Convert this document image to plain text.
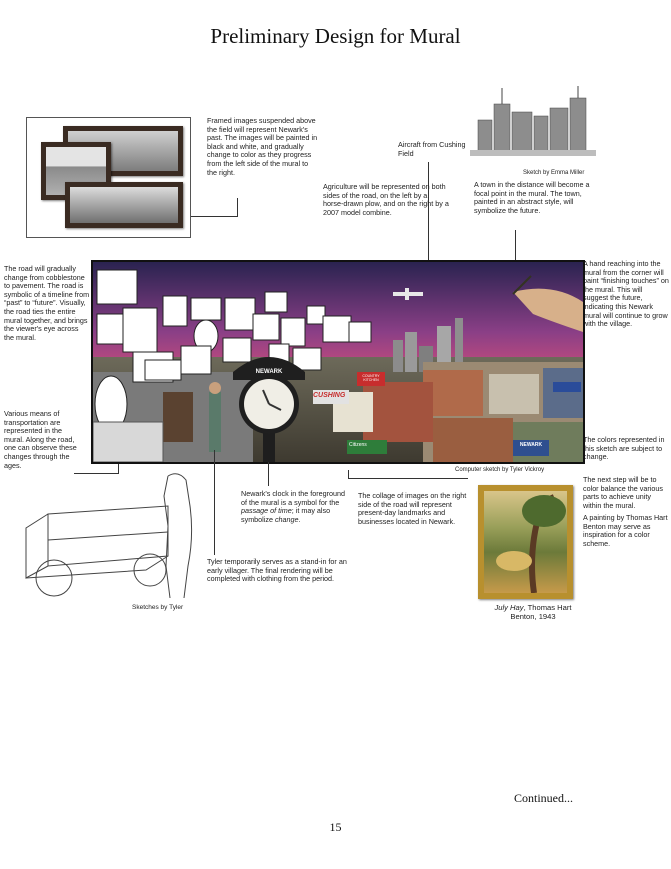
Preliminary Design for Mural
Framed images suspended above the field will represent Newark's past. The images will be painted in black and white, and gradually change to color as they progress from the left side of the mural to the right.
Aircraft from Cushing Field
Agriculture will be represented on both sides of the road, on the left by a horse-drawn plow, and on the right by a 2007 model combine.
Sketch by Emma Miller
A town in the distance will become a focal point in the mural. The town, painted in an abstract style, will symbolize the future.
The road will gradually change from cobblestone to pavement. The road is symbolic of a timeline from “past” to “future”. Visually, the road ties the entire mural together, and brings the viewer's eye across the mural.
Various means of transportation are represented in the mural. Along the road, one can observe these changes through the ages.
A hand reaching into the mural from the corner will paint “finishing touches” on the mural. This will suggest the future, indicating this Newark mural will continue to grow with the village.
The colors represented in this sketch are subject to change.
The next step will be to color balance the various parts to achieve unity within the mural.
A painting by Thomas Hart Benton may serve as inspiration for a color scheme.
NEWARK
COUNTRY KITCHEN
CUSHING
NEWARK
Citizens
Computer sketch by Tyler Vickroy
Newark's clock in the foreground of the mural is a symbol for the passage of time; it may also symbolize change.
The collage of images on the right side of the road will represent present-day landmarks and businesses located in Newark.
Tyler temporarily serves as a stand-in for an early villager. The final rendering will be completed with clothing from the period.
Sketches by Tyler	July Hay, Thomas Hart Benton, 1943
Continued...
15
